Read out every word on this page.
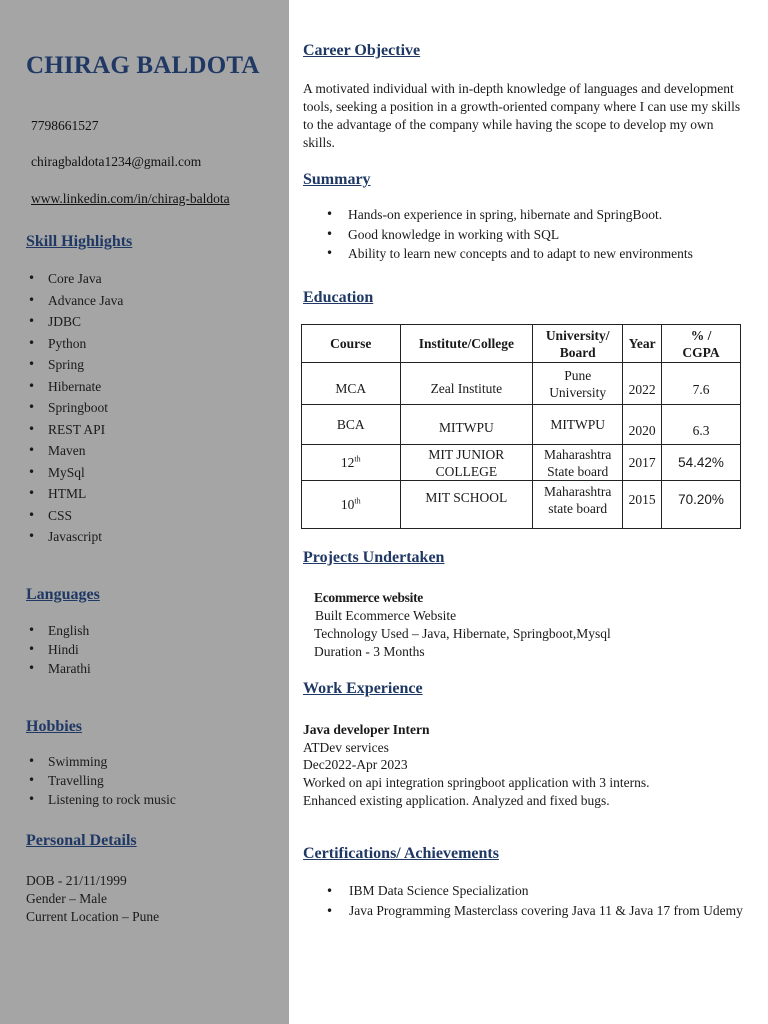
CHIRAG BALDOTA
7798661527
chiragbaldota1234@gmail.com
www.linkedin.com/in/chirag-baldota
Skill Highlights
• Core Java
• Advance Java
• JDBC
• Python
• Spring
• Hibernate
• Springboot
• REST API
• Maven
• MySql
• HTML
• CSS
• Javascript
Languages
• English
• Hindi
• Marathi
Hobbies
• Swimming
• Travelling
• Listening to rock music
Personal Details
DOB - 21/11/1999
Gender – Male
Current Location – Pune
Career Objective
A motivated individual with in-depth knowledge of languages and development tools, seeking a position in a growth-oriented company where I can use my skills to the advantage of the company while having the scope to develop my own skills.
Summary
• Hands-on experience in spring, hibernate and SpringBoot.
• Good knowledge in working with SQL
• Ability to learn new concepts and to adapt to new environments
Education
Course	Institute/College	University/ Board	Year	% / CGPA
MCA	Zeal Institute	Pune University	2022	7.6
BCA	MITWPU	MITWPU	2020	6.3
12th	MIT JUNIOR COLLEGE	Maharashtra State board	2017	54.42%
10th	MIT SCHOOL	Maharashtra state board	2015	70.20%
Projects Undertaken
Ecommerce website
Built Ecommerce Website
Technology Used – Java, Hibernate, Springboot,Mysql
Duration - 3 Months
Work Experience
Java developer Intern
ATDev services
Dec2022-Apr 2023
Worked on api integration springboot application with 3 interns.
Enhanced existing application. Analyzed and fixed bugs.
Certifications/ Achievements
• IBM Data Science Specialization
• Java Programming Masterclass covering Java 11 & Java 17 from Udemy
